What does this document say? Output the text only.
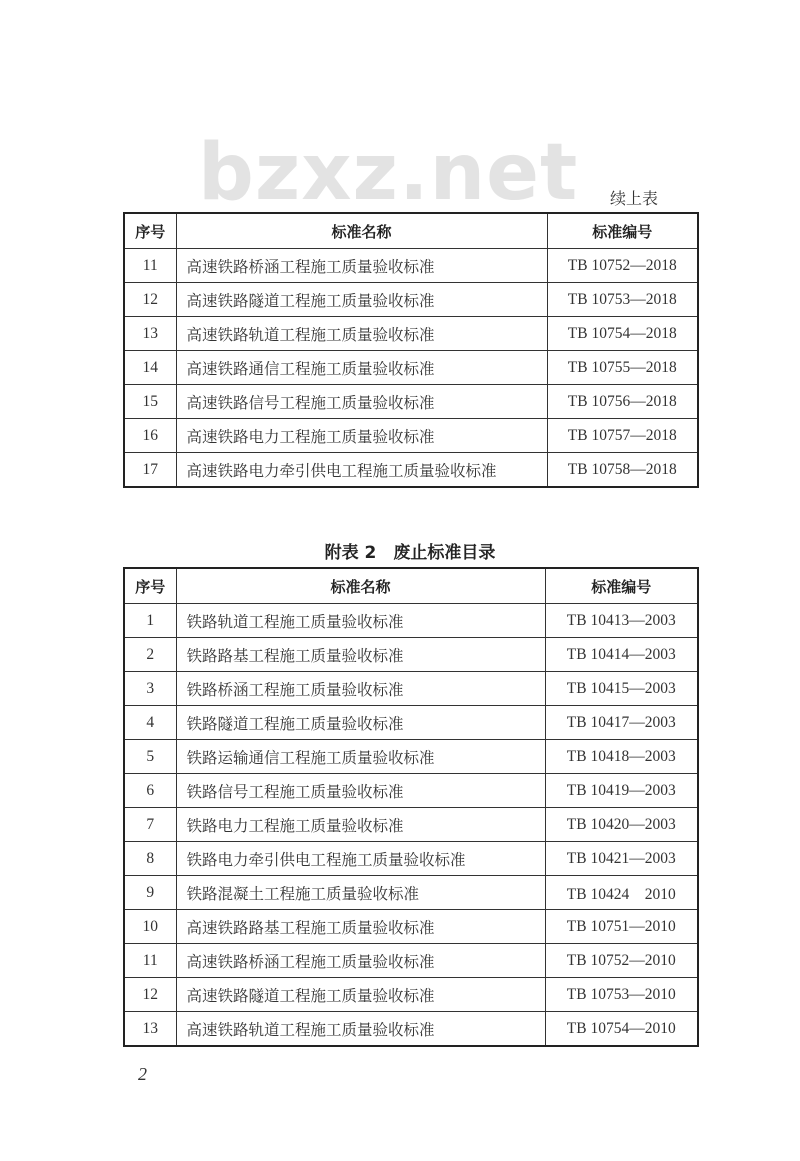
bzxz.net 续上表
序号	标准名称	标准编号
11	高速铁路桥涵工程施工质量验收标准	TB 10752—2018
12	高速铁路隧道工程施工质量验收标准	TB 10753—2018
13	高速铁路轨道工程施工质量验收标准	TB 10754—2018
14	高速铁路通信工程施工质量验收标准	TB 10755—2018
15	高速铁路信号工程施工质量验收标准	TB 10756—2018
16	高速铁路电力工程施工质量验收标准	TB 10757—2018
17	高速铁路电力牵引供电工程施工质量验收标准	TB 10758—2018
附表 2　废止标准目录
序号	标准名称	标准编号
1	铁路轨道工程施工质量验收标准	TB 10413—2003
2	铁路路基工程施工质量验收标准	TB 10414—2003
3	铁路桥涵工程施工质量验收标准	TB 10415—2003
4	铁路隧道工程施工质量验收标准	TB 10417—2003
5	铁路运输通信工程施工质量验收标准	TB 10418—2003
6	铁路信号工程施工质量验收标准	TB 10419—2003
7	铁路电力工程施工质量验收标准	TB 10420—2003
8	铁路电力牵引供电工程施工质量验收标准	TB 10421—2003
9	铁路混凝土工程施工质量验收标准	TB 10424　2010
10	高速铁路路基工程施工质量验收标准	TB 10751—2010
11	高速铁路桥涵工程施工质量验收标准	TB 10752—2010
12	高速铁路隧道工程施工质量验收标准	TB 10753—2010
13	高速铁路轨道工程施工质量验收标准	TB 10754—2010
2
